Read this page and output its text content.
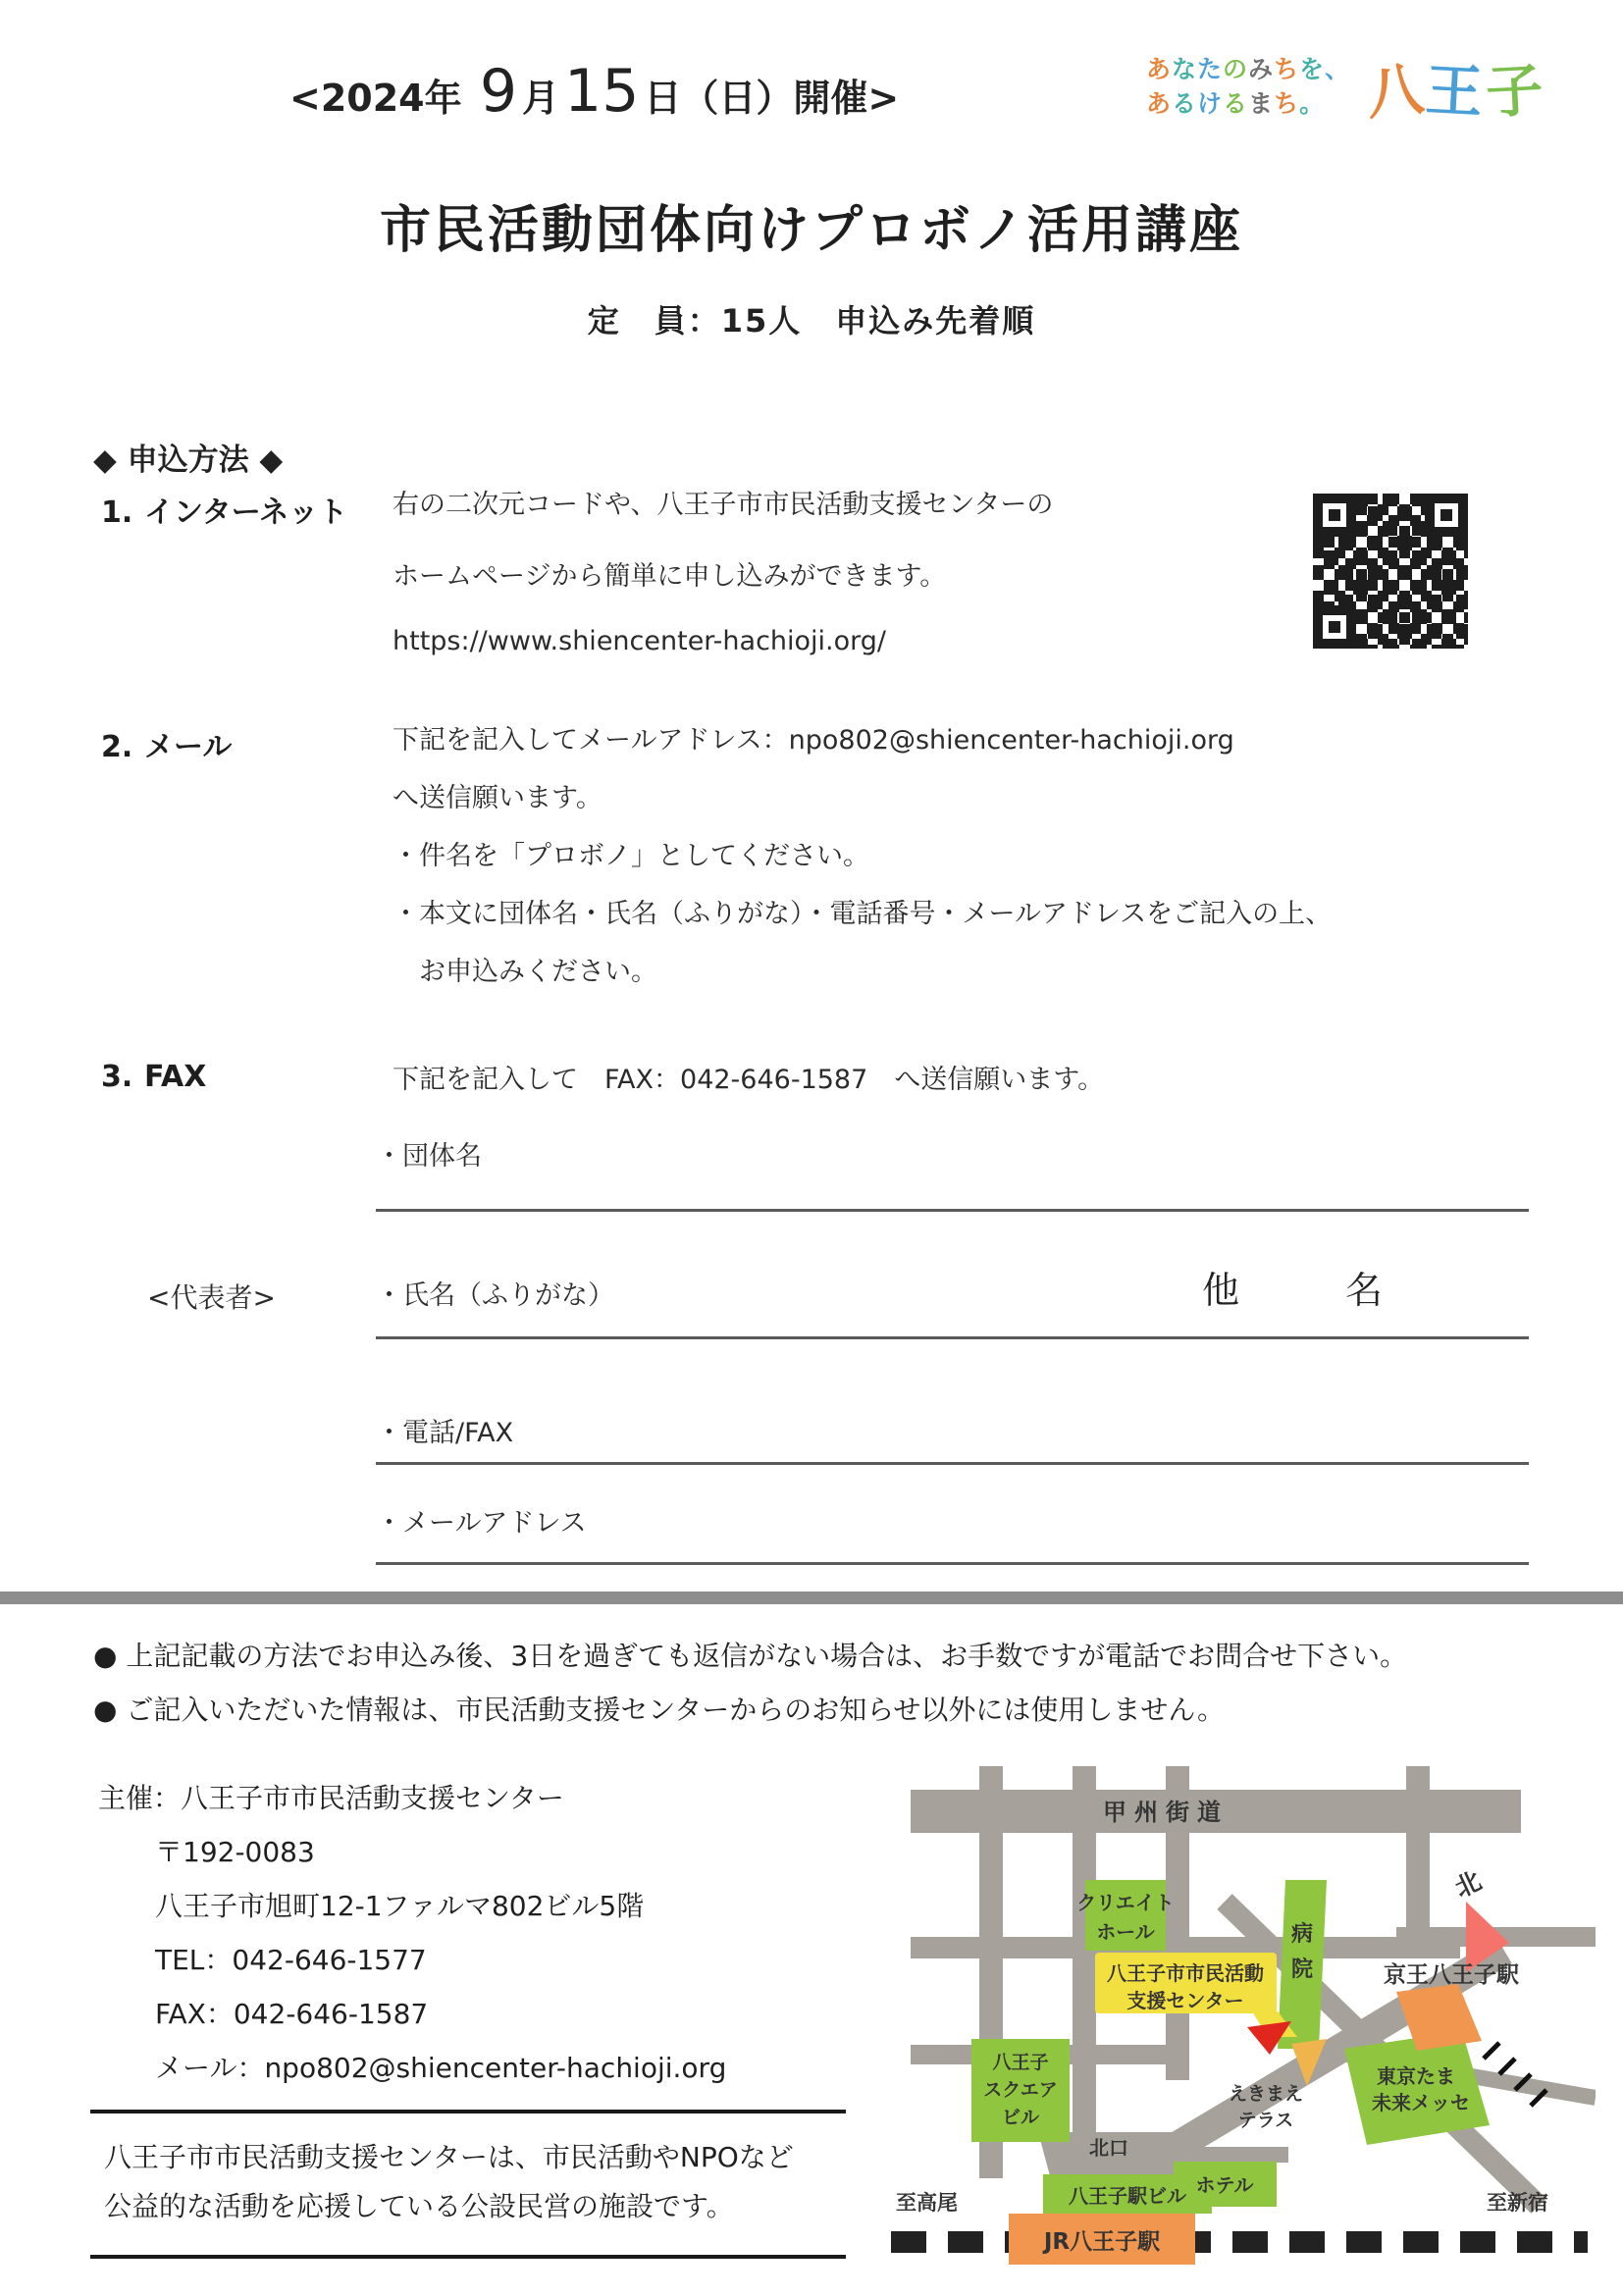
<2024年 9 月15 日（日）開催>
あなたのみちを、
あるけるまち。 八王子
市民活動団体向けプロボノ活用講座
定　員：15人　申込み先着順
◆ 申込方法 ◆
1. インターネット 右の二次元コードや、八王子市市民活動支援センターの
ホームページから簡単に申し込みができます。
https://www.shiencenter-hachioji.org/
2. メール	下記を記入してメールアドレス：npo802@shiencenter-hachioji.org
へ送信願います。
・件名を「プロボノ」としてください。
・本文に団体名・氏名（ふりがな）・電話番号・メールアドレスをご記入の上、
　お申込みください。
3. FAX	下記を記入して　FAX：042-646-1587　へ送信願います。
・団体名
<代表者>	・氏名（ふりがな）	他	名
・電話/FAX
・メールアドレス
● 上記記載の方法でお申込み後、3日を過ぎても返信がない場合は、お手数ですが電話でお問合せ下さい。
● ご記入いただいた情報は、市民活動支援センターからのお知らせ以外には使用しません。
主催：八王子市市民活動支援センター
〒192-0083
八王子市旭町12-1ファルマ802ビル5階
TEL：042-646-1577
FAX：042-646-1587
メール：npo802@shiencenter-hachioji.org
八王子市市民活動支援センターは、市民活動やNPOなど
公益的な活動を応援している公設民営の施設です。
甲州街道
北
クリエイト
ホール	病
院
八王子市市民活動
支援センター
京王八王子駅
八王子
スクエア
ビル
えきまえ
テラス
東京たま
未来メッセ
北口
ホテル
八王子駅ビル
JR八王子駅
至高尾	至新宿
